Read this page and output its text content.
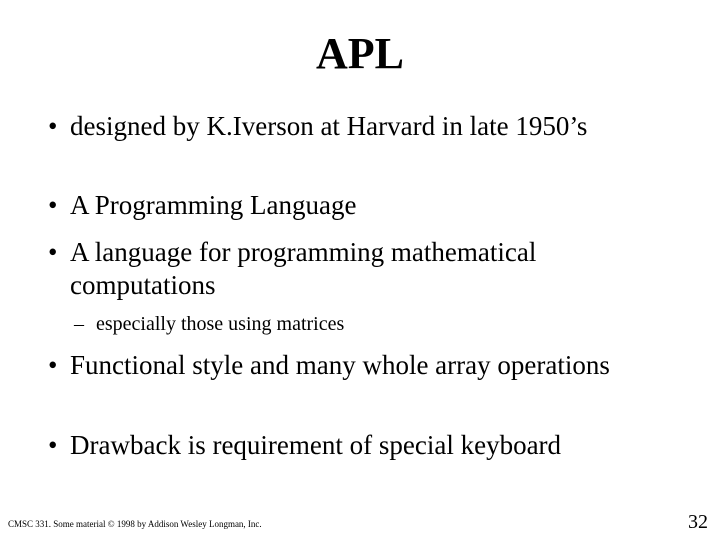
APL
• designed by K.Iverson at Harvard in late 1950’s
• A Programming Language
• A language for programming mathematical computations
– especially those using matrices
• Functional style and many whole array operations
• Drawback is requirement of special keyboard
CMSC 331. Some material © 1998 by Addison Wesley Longman, Inc.	32
